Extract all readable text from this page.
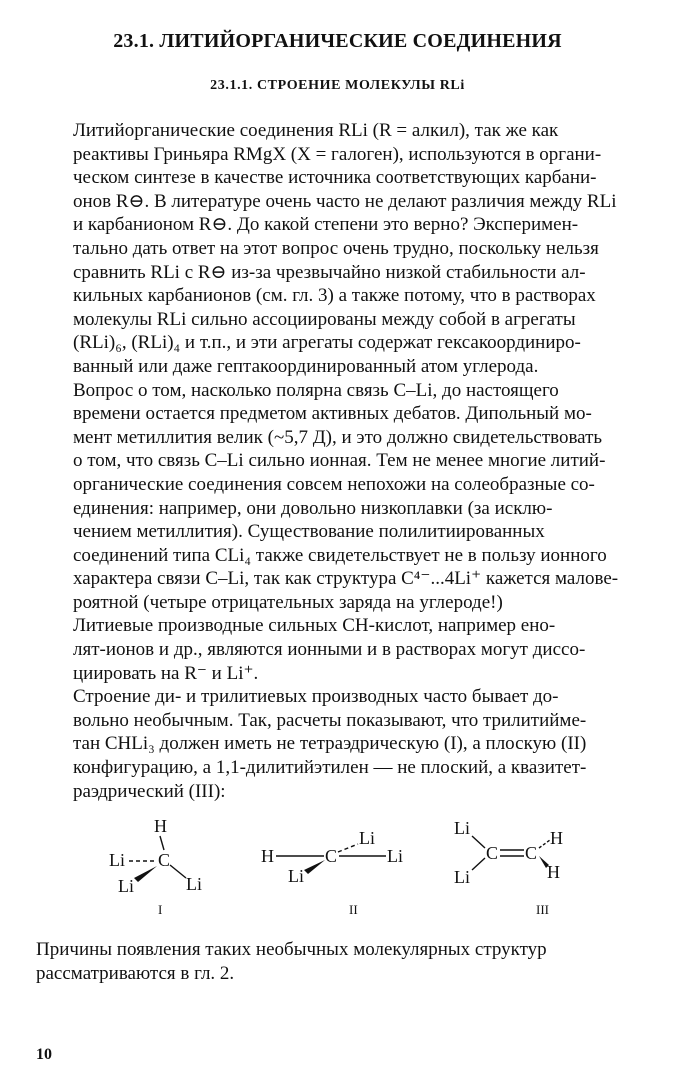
23.1. ЛИТИЙОРГАНИЧЕСКИЕ СОЕДИНЕНИЯ
23.1.1. СТРОЕНИЕ МОЛЕКУЛЫ RLi

Литийорганические соединения RLi (R = алкил), так же как
реактивы Гриньяра RMgX (X = галоген), используются в органи-
ческом синтезе в качестве источника соответствующих карбани-
онов R⊖. В литературе очень часто не делают различия между RLi
и карбанионом R⊖. До какой степени это верно? Эксперимен-
тально дать ответ на этот вопрос очень трудно, поскольку нельзя
сравнить RLi с R⊖ из-за чрезвычайно низкой стабильности ал-
кильных карбанионов (см. гл. 3) а также потому, что в растворах
молекулы RLi сильно ассоциированы между собой в агрегаты
(RLi)₆, (RLi)₄ и т.п., и эти агрегаты содержат гексакоординиро-
ванный или даже гептакоординированный атом углерода.

Вопрос о том, насколько полярна связь C–Li, до настоящего
времени остается предметом активных дебатов. Дипольный мо-
мент метиллития велик (~5,7 Д), и это должно свидетельствовать
о том, что связь C–Li сильно ионная. Тем не менее многие литий-
органические соединения совсем непохожи на солеобразные со-
единения: например, они довольно низкоплавки (за исклю-
чением метиллития). Существование полилитиированных
соединений типа CLi₄ также свидетельствует не в пользу ионного
характера связи C–Li, так как структура C⁴⁻...4Li⁺ кажется малове-
роятной (четыре отрицательных заряда на углероде!)

Литиевые производные сильных CH-кислот, например ено-
лят-ионов и др., являются ионными и в растворах могут диссо-
циировать на R⁻ и Li⁺.

Строение ди- и трилитиевых производных часто бывает до-
вольно необычным. Так, расчеты показывают, что трилитийме-
тан CHLi₃ должен иметь не тетраэдрическую (I), а плоскую (II)
конфигурацию, а 1,1-дилитийэтилен — не плоский, а квазитет-
раэдрический (III):

H
C
Li
Li	Li
I
H	C
Li
Li
Li
II
Li
Li
C C
H
H
III

Причины появления таких необычных молекулярных структур
рассматриваются в гл. 2.

10
